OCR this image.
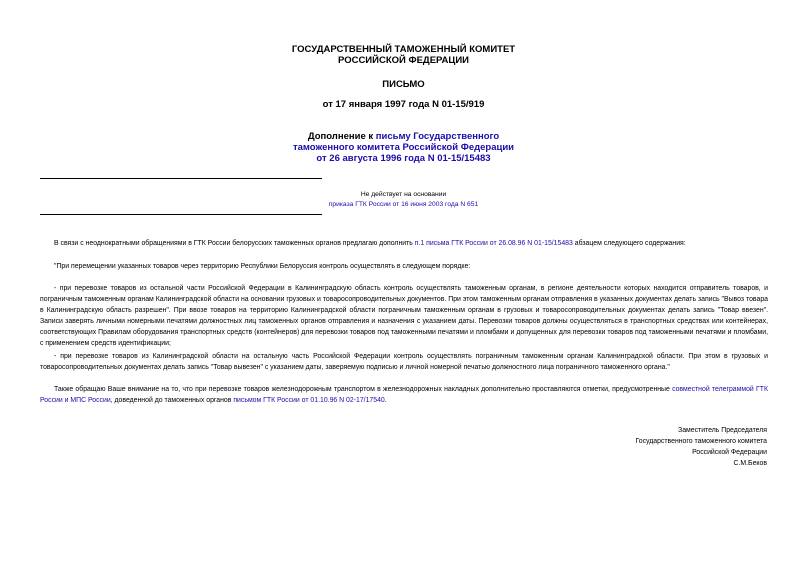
ГОСУДАРСТВЕННЫЙ ТАМОЖЕННЫЙ КОМИТЕТ
РОССИЙСКОЙ ФЕДЕРАЦИИ
ПИСЬМО
от 17 января 1997 года N 01-15/919
Дополнение к письму Государственного
таможенного комитета Российской Федерации
от 26 августа 1996 года N 01-15/15483
Не действует на основании
приказа ГТК России от 16 июня 2003 года N 651
В связи с неоднократными обращениями в ГТК России белорусских таможенных органов предлагаю дополнить п.1 письма ГТК России от 26.08.96 N 01-15/15483 абзацем следующего содержания:
"При перемещении указанных товаров через территорию Республики Белоруссия контроль осуществлять в следующем порядке:
- при перевозке товаров из остальной части Российской Федерации в Калининградскую область контроль осуществлять таможенным органам, в регионе деятельности которых находится отправитель товаров, и пограничным таможенным органам Калининградской области на основании грузовых и товаросопроводительных документов. При этом таможенным органам отправления в указанных документах делать запись "Вывоз товара в Калининградскую область разрешен". При ввозе товаров на территорию Калининградской области пограничным таможенным органам в грузовых и товаросопроводительных документах делать запись "Товар ввезен". Записи заверять личными номерными печатями должностных лиц таможенных органов отправления и назначения с указанием даты. Перевозки товаров должны осуществляться в транспортных средствах или контейнерах, соответствующих Правилам оборудования транспортных средств (контейнеров) для перевозки товаров под таможенными печатями и пломбами и допущенных для перевозки товаров под таможенными печатями и пломбами, с применением средств идентификации;
- при перевозке товаров из Калининградской области на остальную часть Российской Федерации контроль осуществлять пограничным таможенным органам Калининградской области. При этом в грузовых и товаросопроводительных документах делать запись "Товар вывезен" с указанием даты, заверяемую подписью и личной номерной печатью должностного лица пограничного таможенного органа."
Также обращаю Ваше внимание на то, что при перевозке товаров железнодорожным транспортом в железнодорожных накладных дополнительно проставляются отметки, предусмотренные совместной телеграммой ГТК России и МПС России, доведенной до таможенных органов письмом ГТК России от 01.10.96 N 02-17/17540.
Заместитель Председателя
Государственного таможенного комитета
Российской Федерации
С.М.Беков
